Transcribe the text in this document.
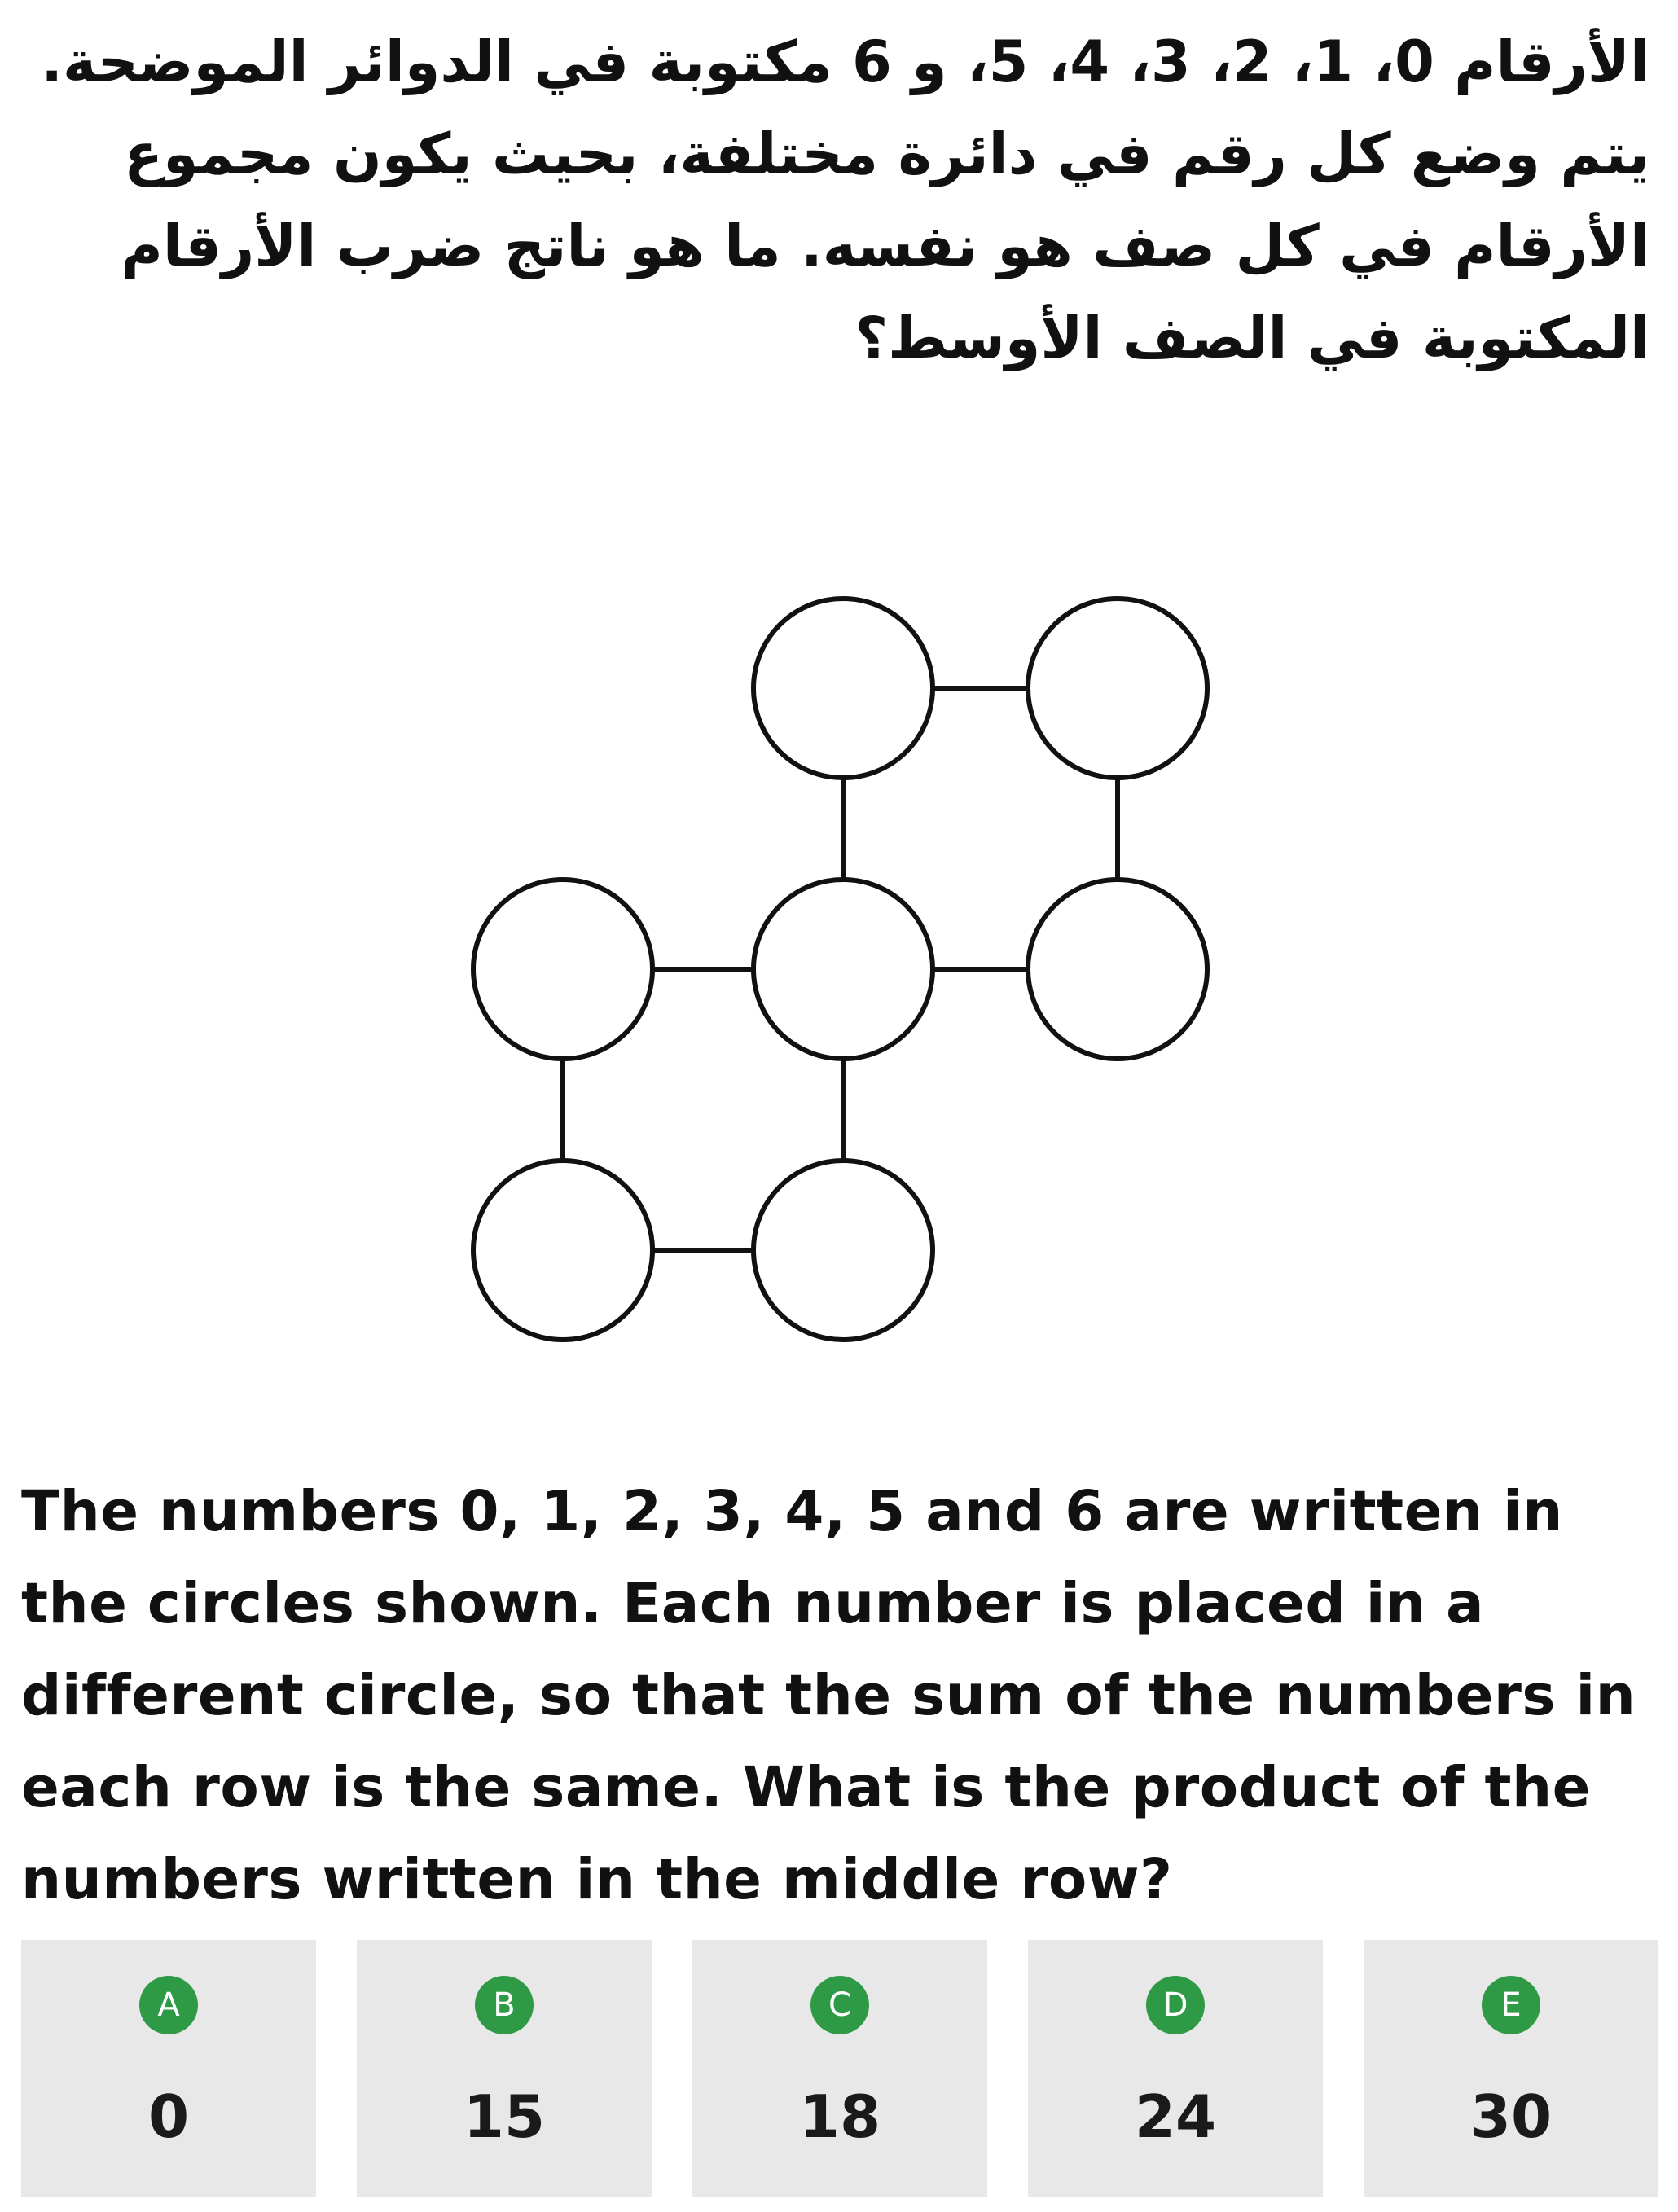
الأرقام 0، 1، 2، 3، 4، 5، و 6 مكتوبة في الدوائر الموضحة.

يتم وضع كل رقم في دائرة مختلفة، بحيث يكون مجموع الأرقام في كل صف هو نفسه. ما هو ناتج ضرب الأرقام المكتوبة في الصف الأوسط؟

The numbers 0, 1, 2, 3, 4, 5 and 6 are written in the circles shown. Each number is placed in a different circle, so that the sum of the numbers in each row is the same. What is the product of the numbers written in the middle row?

A
0
B
15
C
18
D
24
E
30
